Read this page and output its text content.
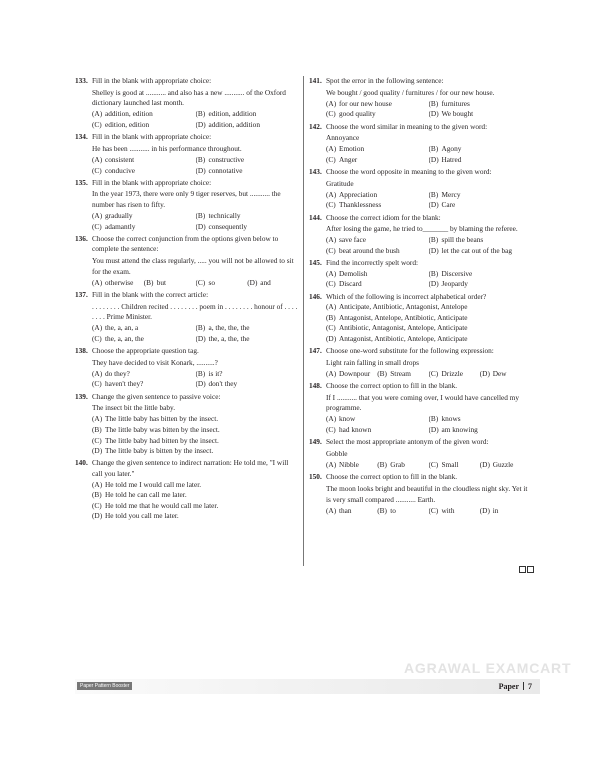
133. Fill in the blank with appropriate choice:
Shelley is good at ........... and also has a new ........... of the Oxford dictionary launched last month.
(A) addition, edition	(B) edition, addition
(C) edition, edition	(D) addition, addition
134. Fill in the blank with appropriate choice:
He has been ........... in his performance throughout.
(A) consistent	(B) constructive
(C) conducive	(D) connotative
135. Fill in the blank with appropriate choice:
In the year 1973, there were only 9 tiger reserves, but ........... the number has risen to fifty.
(A) gradually	(B) technically
(C) adamantly	(D) consequently
136. Choose the correct conjunction from the options given below to complete the sentence:
You must attend the class regularly, ..... you will not be allowed to sit for the exam.
(A) otherwise	(B) but	(C) so	(D) and
137. Fill in the blank with the correct article:
. . . . . . . . Children recited . . . . . . . . poem in . . . . . . . . honour of . . . . . . . . Prime Minister.
(A) the, a, an, a	(B) a, the, the, the
(C) the, a, an, the	(D) the, a, the, the
138. Choose the appropriate question tag.
They have decided to visit Konark, ..........?
(A) do they?	(B) is it?
(C) haven't they?	(D) don't they
139. Change the given sentence to passive voice:
The insect bit the little baby.
(A) The little baby has bitten by the insect.
(B) The little baby was bitten by the insect.
(C) The little baby had bitten by the insect.
(D) The little baby is bitten by the insect.
140. Change the given sentence to indirect narration: He told me, "I will call you later."
(A) He told me I would call me later.
(B) He told he can call me later.
(C) He told me that he would call me later.
(D) He told you call me later.
141. Spot the error in the following sentence:
We bought / good quality / furnitures / for our new house.
(A) for our new house	(B) furnitures
(C) good quality	(D) We bought
142. Choose the word similar in meaning to the given word:
Annoyance
(A) Emotion	(B) Agony
(C) Anger	(D) Hatred
143. Choose the word opposite in meaning to the given word:
Gratitude
(A) Appreciation	(B) Mercy
(C) Thanklessness	(D) Care
144. Choose the correct idiom for the blank:
After losing the game, he tried to_______ by blaming the referee.
(A) save face	(B) spill the beans
(C) beat around the bush	(D) let the cat out of the bag
145. Find the incorrectly spelt word:
(A) Demolish	(B) Discersive
(C) Discard	(D) Jeopardy
146. Which of the following is incorrect alphabetical order?
(A) Anticipate, Antibiotic, Antagonist, Antelope
(B) Antagonist, Antelope, Antibiotic, Anticipate
(C) Antibiotic, Antagonist, Antelope, Anticipate
(D) Antagonist, Antibiotic, Antelope, Anticipate
147. Choose one-word substitute for the following expression:
Light rain falling in small drops
(A) Downpour (B) Stream	(C) Drizzle	(D) Dew
148. Choose the correct option to fill in the blank.
If I ........... that you were coming over, I would have cancelled my programme.
(A) know	(B) knows
(C) had known	(D) am knowing
149. Select the most appropriate antonym of the given word:
Gobble
(A) Nibble	(B) Grab	(C) Small	(D) Guzzle
150. Choose the correct option to fill in the blank.
The moon looks bright and beautiful in the cloudless night sky. Yet it is very small compared ........... Earth.
(A) than	(B) to	(C) with	(D) in
AGRAWAL EXAMCART
Paper Pattern Booster	Paper 7
